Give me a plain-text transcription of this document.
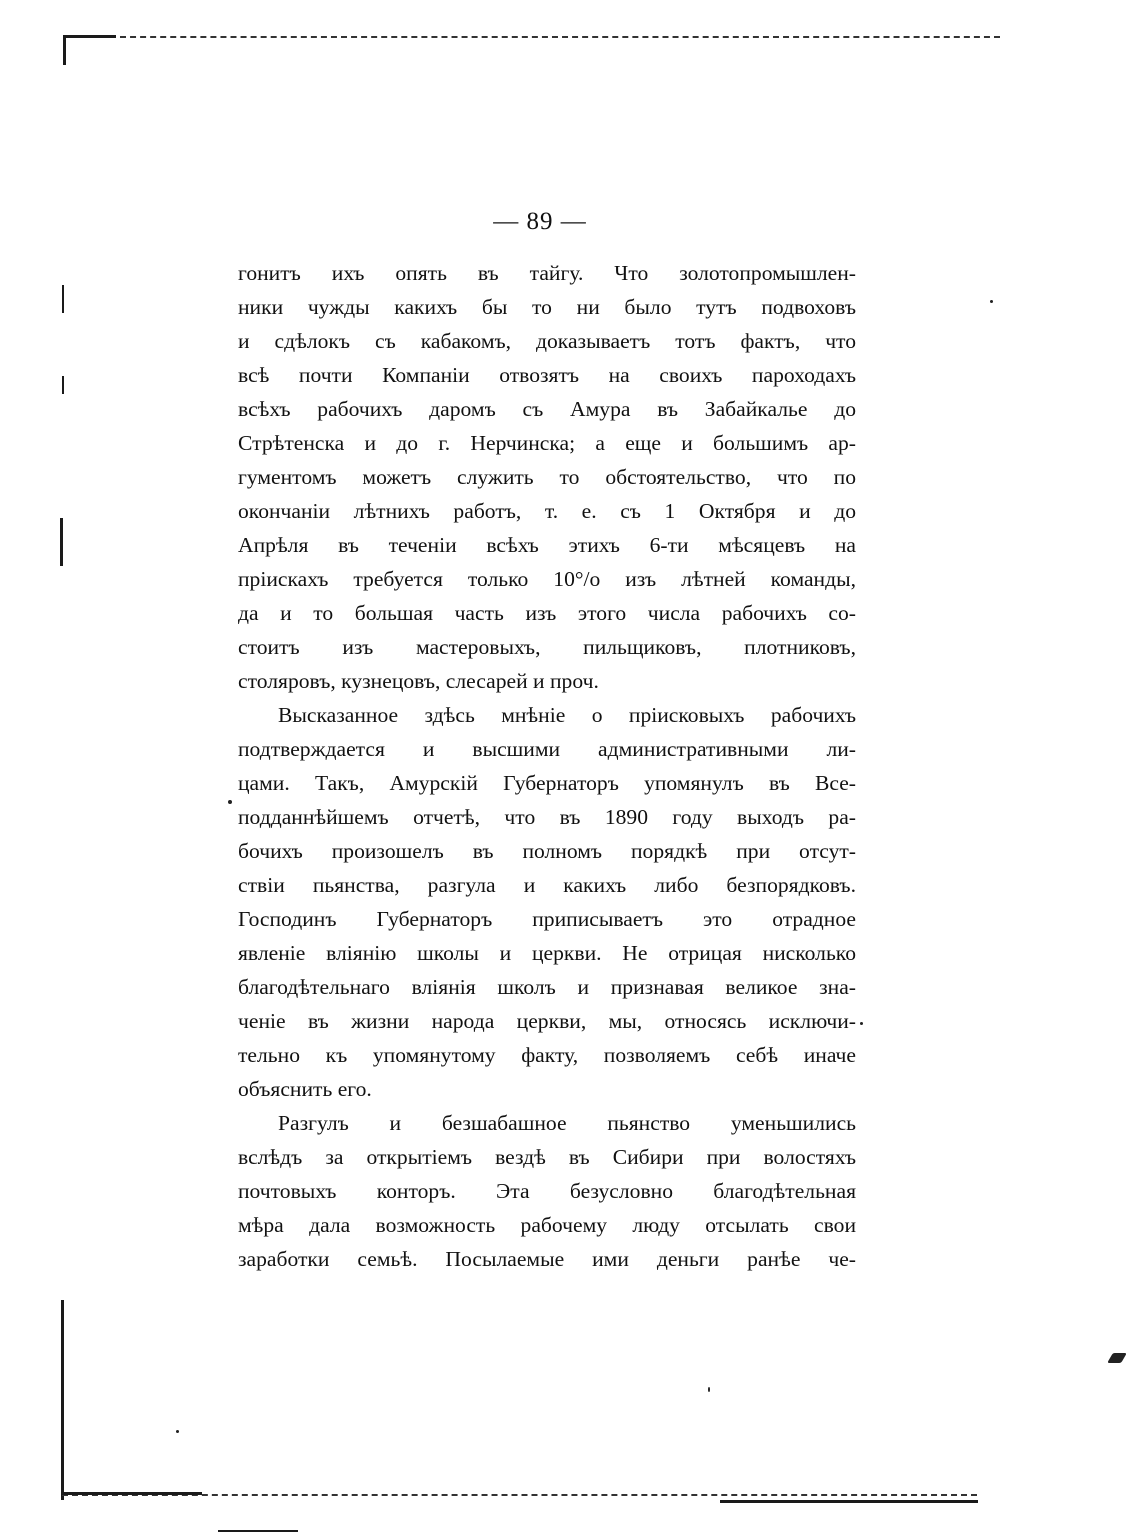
— 89 —
гонитъ ихъ опять въ тайгу. Что золотопромышлен-
ники чужды какихъ бы то ни было тутъ подвоховъ
и сдѣлокъ съ кабакомъ, доказываетъ тотъ фактъ, что
всѣ почти Компаніи отвозятъ на своихъ пароходахъ
всѣхъ рабочихъ даромъ съ Амура въ Забайкалье до
Стрѣтенска и до г. Нерчинска; а еще и большимъ ар-
гументомъ можетъ служить то обстоятельство, что по
окончаніи лѣтнихъ работъ, т. е. съ 1 Октября и до
Апрѣля въ теченіи всѣхъ этихъ 6-ти мѣсяцевъ на
пріискахъ требуется только 10°/о изъ лѣтней команды,
да и то большая часть изъ этого числа рабочихъ со-
стоитъ изъ мастеровыхъ, пильщиковъ, плотниковъ,
столяровъ, кузнецовъ, слесарей и проч.
Высказанное здѣсь мнѣніе о пріисковыхъ рабочихъ
подтверждается и высшими административными ли-
цами. Такъ, Амурскій Губернаторъ упомянулъ въ Все-
подданнѣйшемъ отчетѣ, что въ 1890 году выходъ ра-
бочихъ произошелъ въ полномъ порядкѣ при отсут-
ствіи пьянства, разгула и какихъ либо безпорядковъ.
Господинъ Губернаторъ приписываетъ это отрадное
явленіе вліянію школы и церкви. Не отрицая нисколько
благодѣтельнаго вліянія школъ и признавая великое зна-
ченіе въ жизни народа церкви, мы, относясь исключи-
тельно къ упомянутому факту, позволяемъ себѣ иначе
объяснить его.
Разгулъ и безшабашное пьянство уменьшились
вслѣдъ за открытіемъ вездѣ въ Сибири при волостяхъ
почтовыхъ конторъ. Эта безусловно благодѣтельная
мѣра дала возможность рабочему люду отсылать свои
заработки семьѣ. Посылаемые ими деньги ранѣе че-
